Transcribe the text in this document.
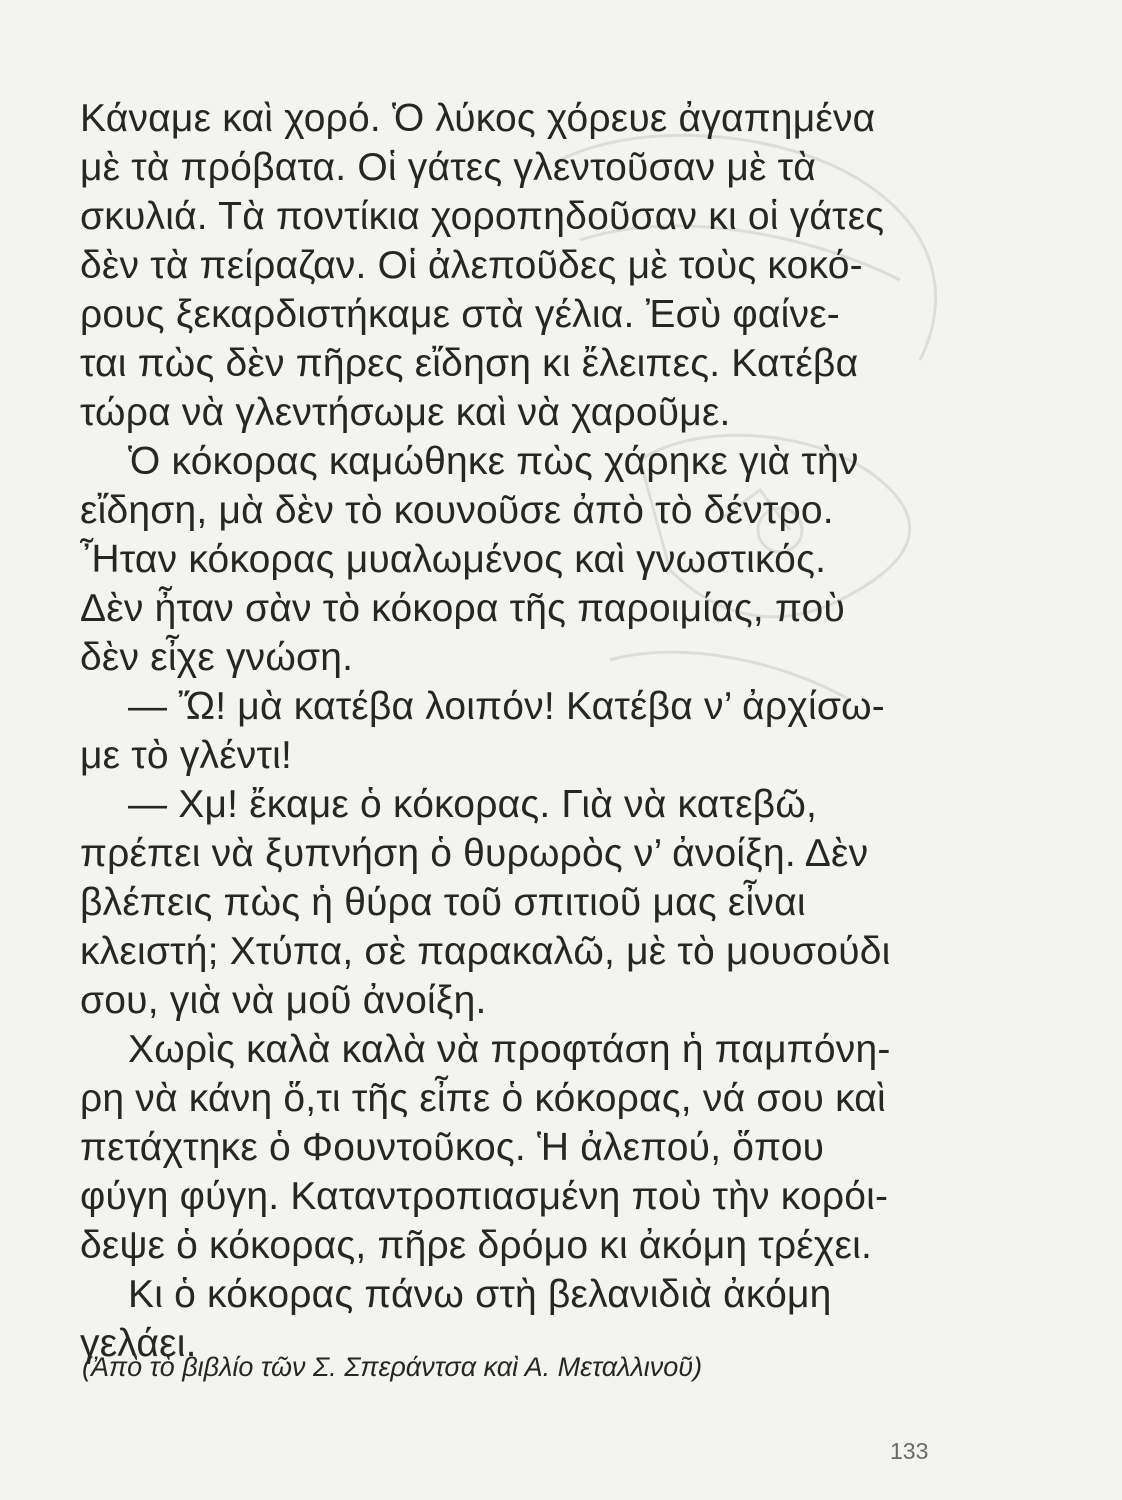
Κάναμε καὶ χορό. Ὁ λύκος χόρευε ἀγαπημένα
μὲ τὰ πρόβατα. Οἱ γάτες γλεντοῦσαν μὲ τὰ
σκυλιά. Τὰ ποντίκια χοροπηδοῦσαν κι οἱ γάτες
δὲν τὰ πείραζαν. Οἱ ἀλεποῦδες μὲ τοὺς κοκό-
ρους ξεκαρδιστήκαμε στὰ γέλια. Ἐσὺ φαίνε-
ται πὼς δὲν πῆρες εἴδηση κι ἔλειπες. Κατέβα
τώρα νὰ γλεντήσωμε καὶ νὰ χαροῦμε.
Ὁ κόκορας καμώθηκε πὼς χάρηκε γιὰ τὴν
εἴδηση, μὰ δὲν τὸ κουνοῦσε ἀπὸ τὸ δέντρο.
Ἦταν κόκορας μυαλωμένος καὶ γνωστικός.
Δὲν ἦταν σὰν τὸ κόκορα τῆς παροιμίας, ποὺ
δὲν εἶχε γνώση.
— Ὤ! μὰ κατέβα λοιπόν! Κατέβα ν’ ἀρχίσω-
με τὸ γλέντι!
— Χμ! ἔκαμε ὁ κόκορας. Γιὰ νὰ κατεβῶ,
πρέπει νὰ ξυπνήση ὁ θυρωρὸς ν’ ἀνοίξη. Δὲν
βλέπεις πὼς ἡ θύρα τοῦ σπιτιοῦ μας εἶναι
κλειστή; Χτύπα, σὲ παρακαλῶ, μὲ τὸ μουσούδι
σου, γιὰ νὰ μοῦ ἀνοίξη.
Χωρὶς καλὰ καλὰ νὰ προφτάση ἡ παμπόνη-
ρη νὰ κάνη ὅ,τι τῆς εἶπε ὁ κόκορας, νά σου καὶ
πετάχτηκε ὁ Φουντοῦκος. Ἡ ἀλεπού, ὅπου
φύγη φύγη. Καταντροπιασμένη ποὺ τὴν κορόι-
δεψε ὁ κόκορας, πῆρε δρόμο κι ἀκόμη τρέχει.
Κι ὁ κόκορας πάνω στὴ βελανιδιὰ ἀκόμη
γελάει.
(Ἀπὸ τὸ βιβλίο τῶν Σ. Σπεράντσα καὶ Α. Μεταλλινοῦ)
133
